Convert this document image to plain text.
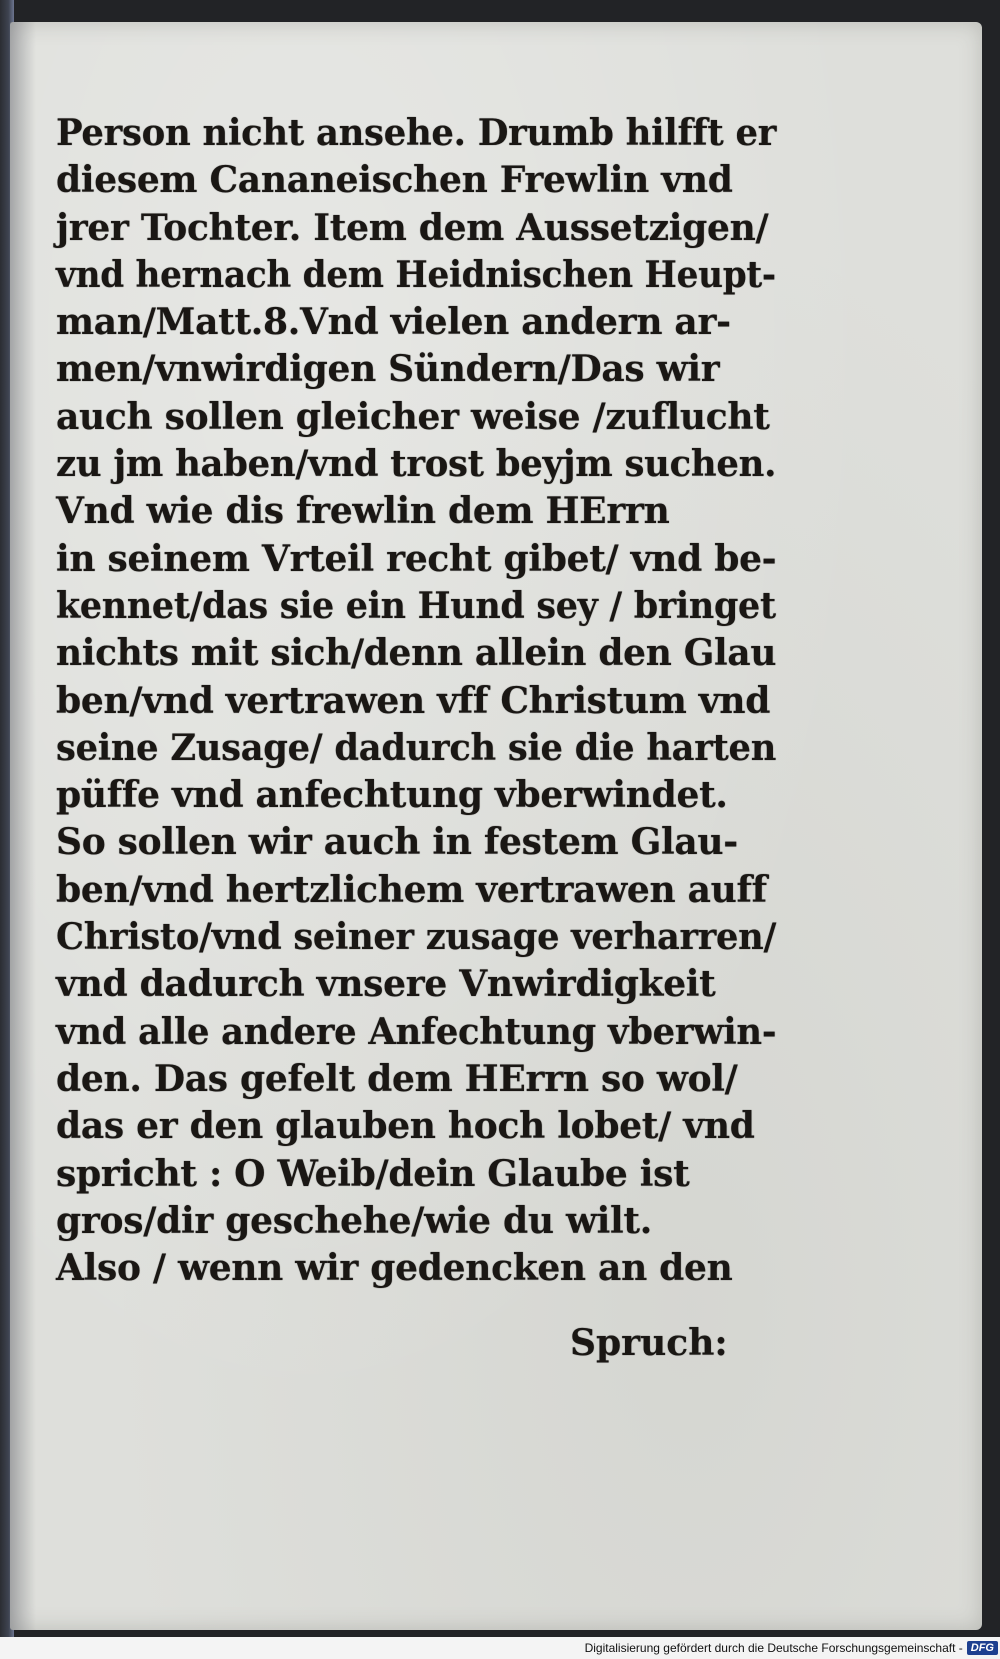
Person nicht ansehe. Drumb hilfft er
diesem Cananeischen Frewlin vnd
jrer Tochter. Item dem Aussetzigen/
vnd hernach dem Heidnischen Heupt-
man/Matt.8.Vnd vielen andern ar-
men/vnwirdigen Sündern/Das wir
auch sollen gleicher weise /zuflucht
zu jm haben/vnd trost beyjm suchen.
Vnd wie dis frewlin dem HErrn
in seinem Vrteil recht gibet/ vnd be-
kennet/das sie ein Hund sey / bringet
nichts mit sich/denn allein den Glau
ben/vnd vertrawen vff Christum vnd
seine Zusage/ dadurch sie die harten
püffe vnd anfechtung vberwindet.
So sollen wir auch in festem Glau-
ben/vnd hertzlichem vertrawen auff
Christo/vnd seiner zusage verharren/
vnd dadurch vnsere Vnwirdigkeit
vnd alle andere Anfechtung vberwin-
den. Das gefelt dem HErrn so wol/
das er den glauben hoch lobet/ vnd
spricht : O Weib/dein Glaube ist
gros/dir geschehe/wie du wilt.
Also / wenn wir gedencken an den
Spruch:
Digitalisierung gefördert durch die Deutsche Forschungsgemeinschaft - DFG
